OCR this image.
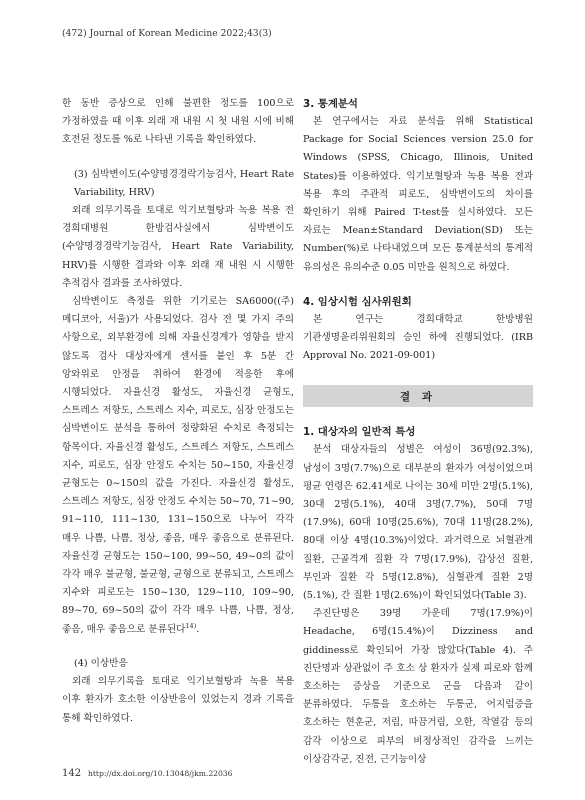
(472) Journal of Korean Medicine 2022;43(3)

한 동반 증상으로 인해 불편한 정도를 100으로 가정하였을 때 이후 외래 재 내원 시 첫 내원 시에 비해 호전된 정도를 %로 나타낸 기록을 확인하였다.

(3) 심박변이도(수양명경경락기능검사, Heart Rate Variability, HRV)

외래 의무기록을 토대로 익기보혈탕과 녹용 복용 전 경희대병원 한방검사실에서 심박변이도(수양명경경락기능검사, Heart Rate Variability, HRV)를 시행한 결과와 이후 외래 재 내원 시 시행한 추적검사 결과를 조사하였다.

심박변이도 측정을 위한 기기로는 SA6000((주)메디코아, 서울)가 사용되었다. 검사 전 몇 가지 주의 사항으로, 외부환경에 의해 자율신경계가 영향을 받지 않도록 검사 대상자에게 센서를 붙인 후 5분 간 앙와위로 안정을 취하여 환경에 적응한 후에 시행되었다. 자율신경 활성도, 자율신경 균형도, 스트레스 저항도, 스트레스 지수, 피로도, 심장 안정도는 심박변이도 분석을 통하여 정량화된 수치로 측정되는 항목이다. 자율신경 활성도, 스트레스 저항도, 스트레스 지수, 피로도, 심장 안정도 수치는 50~150, 자율신경 균형도는 0~150의 값을 가진다. 자율신경 활성도, 스트레스 저항도, 심장 안정도 수치는 50~70, 71~90, 91~110, 111~130, 131~150으로 나누어 각각 매우 나쁨, 나쁨, 정상, 좋음, 매우 좋음으로 분류된다. 자율신경 균형도는 150~100, 99~50, 49~0의 값이 각각 매우 불균형, 불균형, 균형으로 분류되고, 스트레스 지수와 피로도는 150~130, 129~110, 109~90, 89~70, 69~50의 값이 각각 매우 나쁨, 나쁨, 정상, 좋음, 매우 좋음으로 분류된다$^{14)}$.

(4) 이상반응

외래 의무기록을 토대로 익기보혈탕과 녹용 복용 이후 환자가 호소한 이상반응이 있었는지 경과 기록을 통해 확인하였다.

3. 통계분석

본 연구에서는 자료 분석을 위해 Statistical Package for Social Sciences version 25.0 for Windows (SPSS, Chicago, Illinois, United States)를 이용하였다. 익기보혈탕과 녹용 복용 전과 복용 후의 주관적 피로도, 심박변이도의 차이를 확인하기 위해 Paired T-test를 실시하였다. 모든 자료는 Mean±Standard Deviation(SD) 또는 Number(%)로 나타내었으며 모든 통계분석의 통계적 유의성은 유의수준 0.05 미만을 원칙으로 하였다.

4. 임상시험 심사위원회

본 연구는 경희대학교 한방병원 기관생명윤리위원회의 승인 하에 진행되었다. (IRB Approval No. 2021-09-001)

결 과
1. 대상자의 일반적 특성

분석 대상자들의 성별은 여성이 36명(92.3%), 남성이 3명(7.7%)으로 대부분의 환자가 여성이었으며 평균 연령은 62.41세로 나이는 30세 미만 2명(5.1%), 30대 2명(5.1%), 40대 3명(7.7%), 50대 7명(17.9%), 60대 10명(25.6%), 70대 11명(28.2%), 80대 이상 4명(10.3%)이었다. 과거력으로 뇌혈관계 질환, 근골격계 질환 각 7명(17.9%), 갑상선 질환, 부인과 질환 각 5명(12.8%), 심혈관계 질환 2명(5.1%), 간 질환 1명(2.6%)이 확인되었다(Table 3).

주진단명은 39명 가운데 7명(17.9%)이 Headache, 6명(15.4%)이 Dizziness and giddiness로 확인되어 가장 많았다(Table 4). 주 진단명과 상관없이 주 호소 상 환자가 실제 피로와 함께 호소하는 증상을 기준으로 군을 다음과 같이 분류하였다. 두통을 호소하는 두통군, 어지럼증을 호소하는 현훈군, 저림, 따끔거림, 오한, 작열감 등의 감각 이상으로 피부의 비정상적인 감각을 느끼는 이상감각군, 진전, 근기능이상

142 http://dx.doi.org/10.13048/jkm.22036
